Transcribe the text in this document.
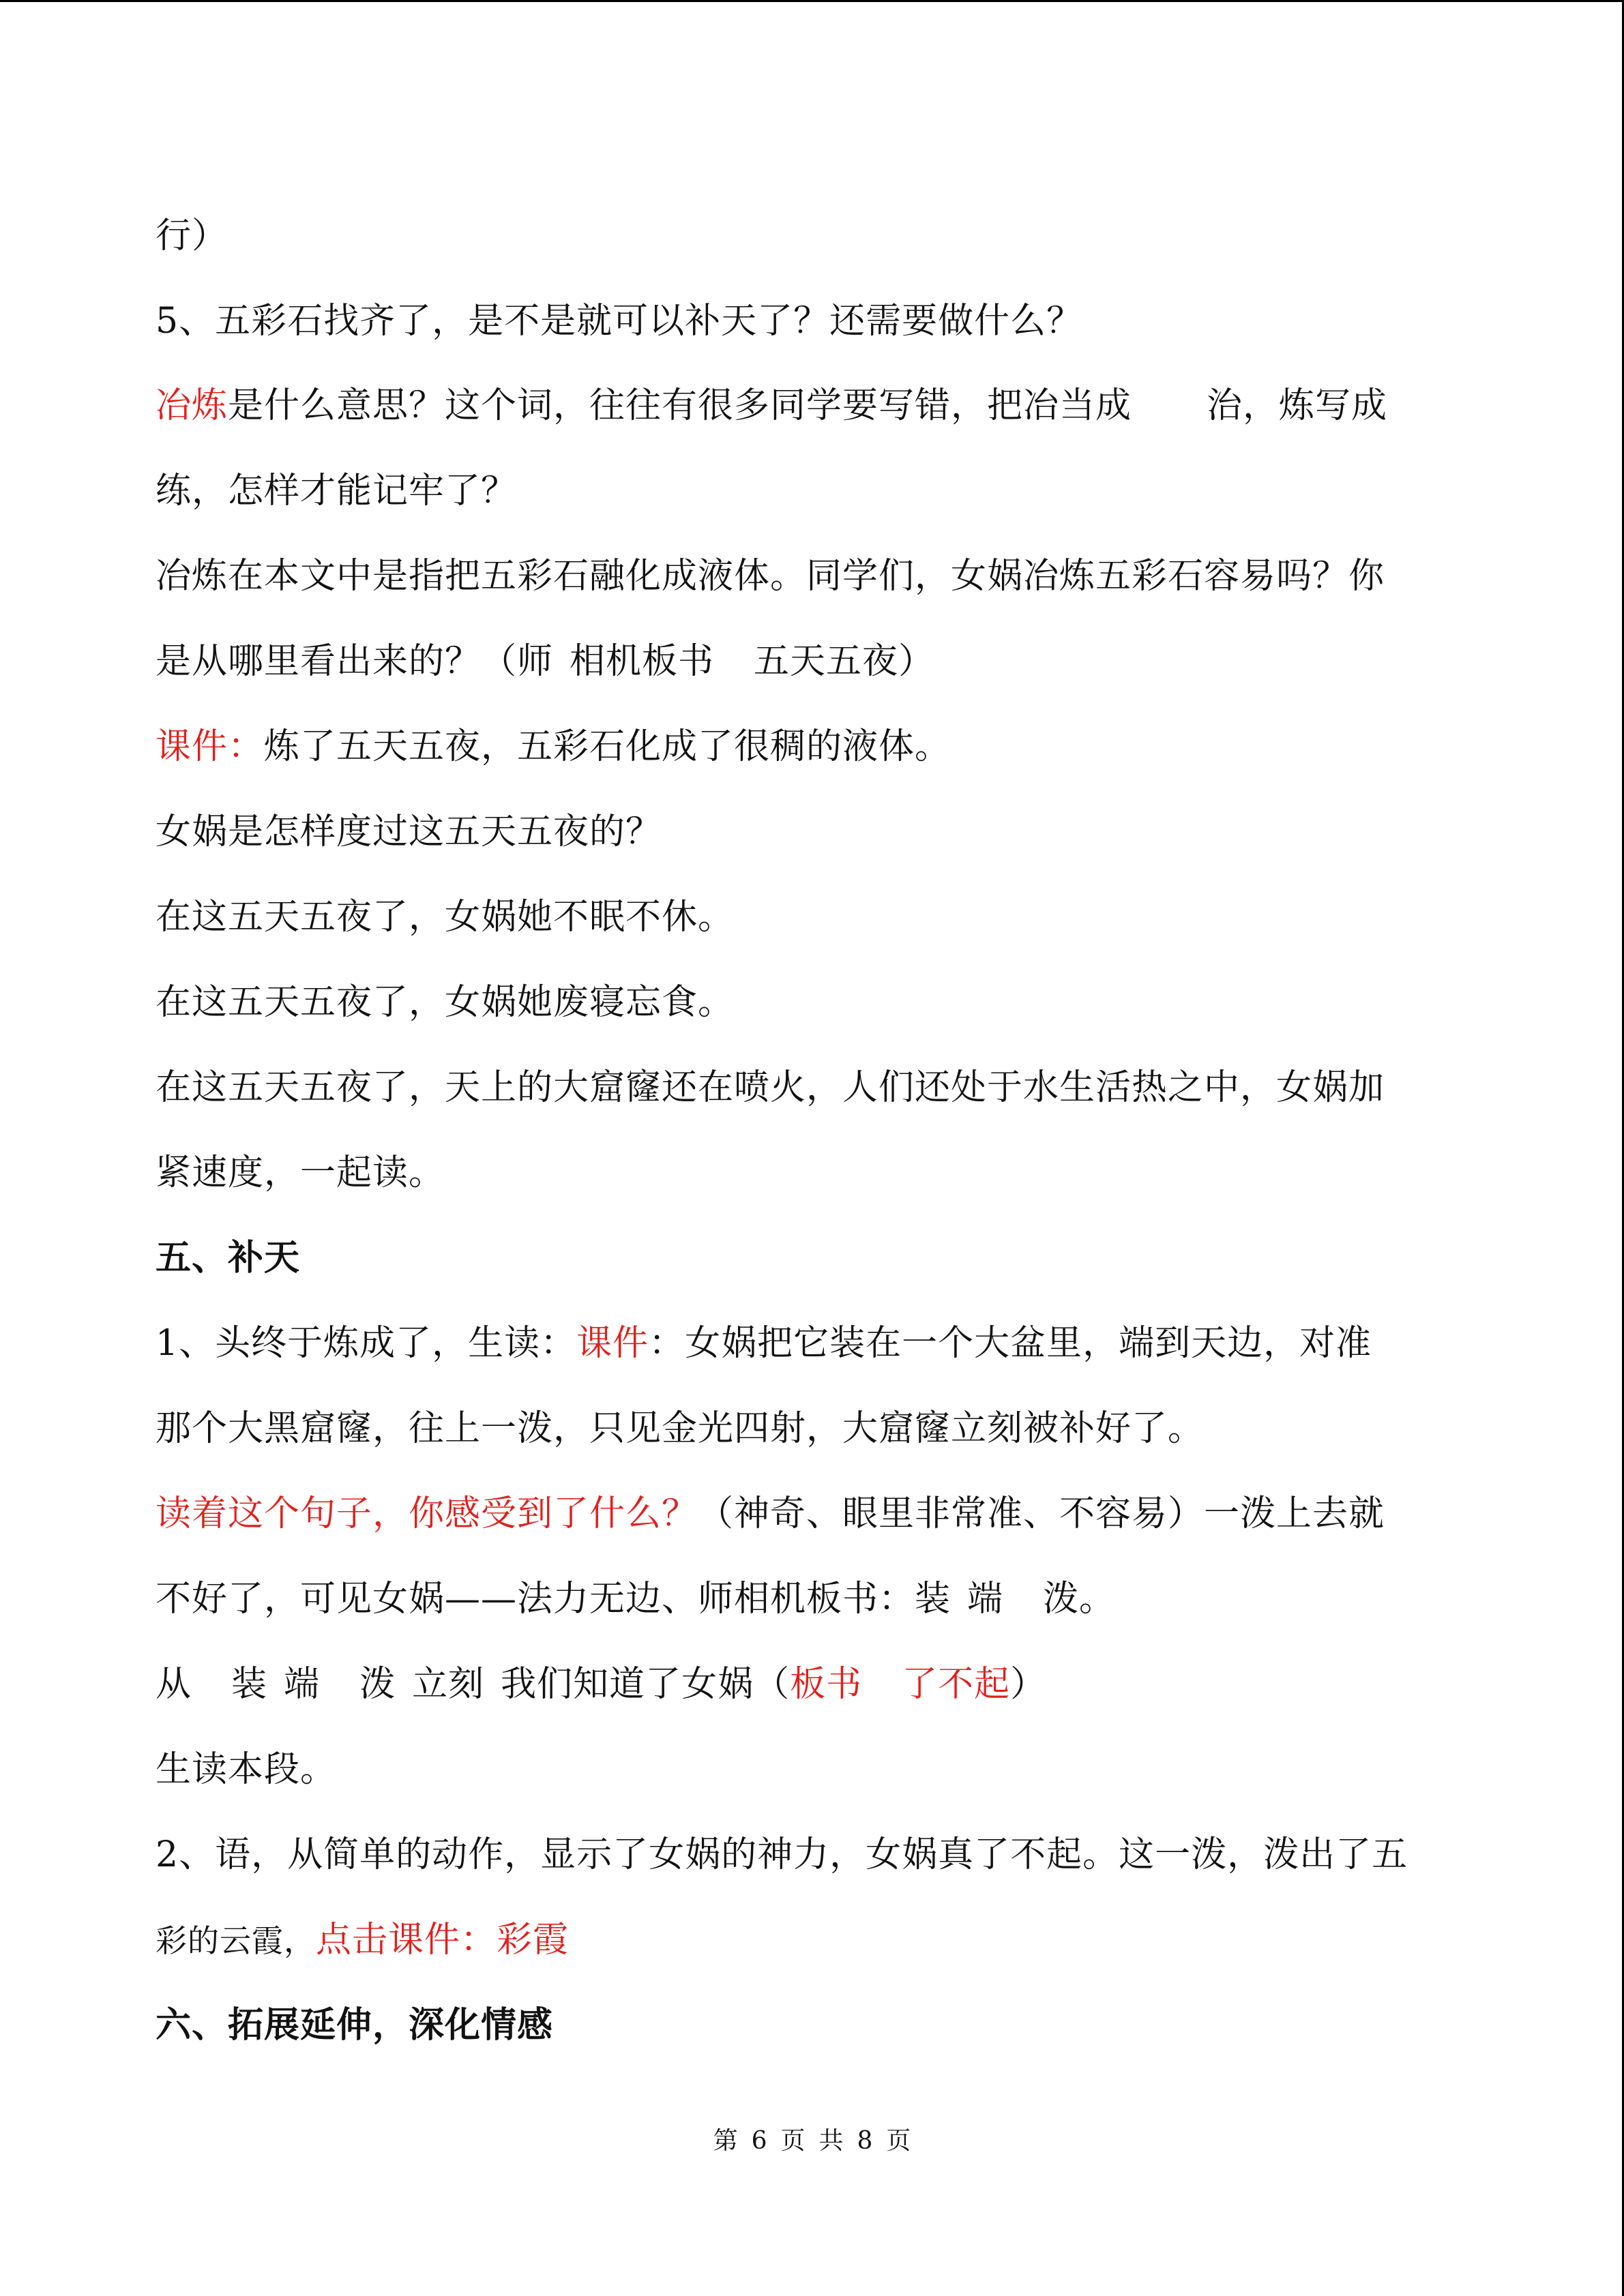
行）
5、五彩石找齐了，是不是就可以补天了？还需要做什么？
冶炼是什么意思？这个词，往往有很多同学要写错，把冶当成 治，炼写成
练，怎样才能记牢了？
冶炼在本文中是指把五彩石融化成液体。同学们，女娲冶炼五彩石容易吗？你
是从哪里看出来的？（师 相机板书 五天五夜）
课件：炼了五天五夜，五彩石化成了很稠的液体。
女娲是怎样度过这五天五夜的？
在这五天五夜了，女娲她不眠不休。
在这五天五夜了，女娲她废寝忘食。
在这五天五夜了，天上的大窟窿还在喷火，人们还处于水生活热之中，女娲加
紧速度，一起读。
五、补天
1、头终于炼成了，生读：课件：女娲把它装在一个大盆里，端到天边，对准
那个大黑窟窿，往上一泼，只见金光四射，大窟窿立刻被补好了。
读着这个句子，你感受到了什么？（神奇、眼里非常准、不容易）一泼上去就
不好了，可见女娲——法力无边、师相机板书：装 端 泼。
从 装 端 泼 立刻 我们知道了女娲（板书 了不起）
生读本段。
2、语，从简单的动作，显示了女娲的神力，女娲真了不起。这一泼，泼出了五
彩的云霞，点击课件：彩霞
六、拓展延伸，深化情感
第 6 页 共 8 页
